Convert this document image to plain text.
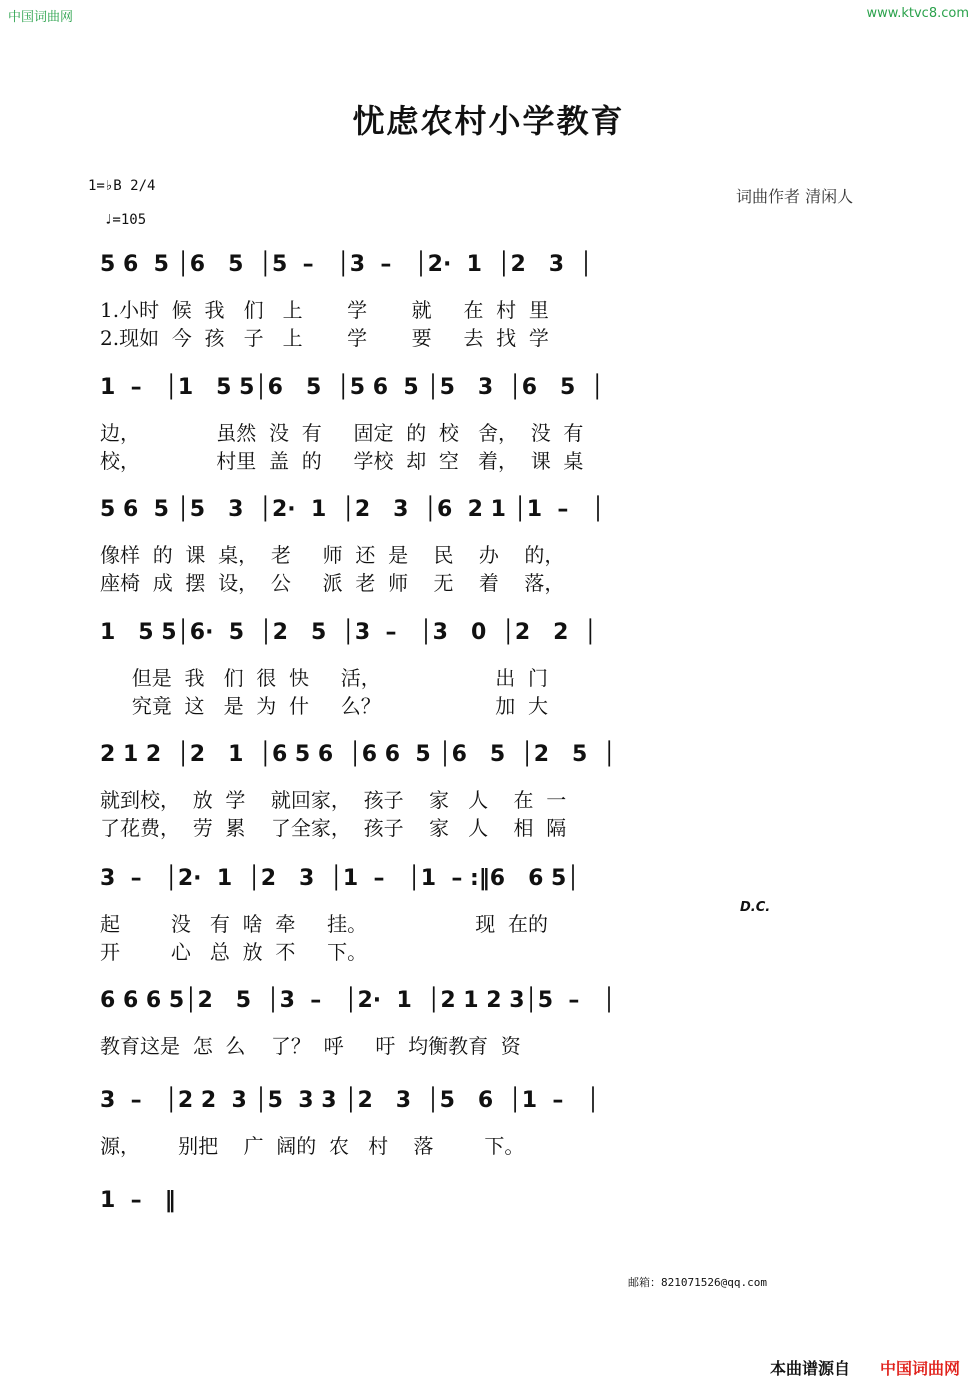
中国词曲网	www.ktvc8.com
忧虑农村小学教育
1=♭B 2/4
♩=105
词曲作者 清闲人
5 6  5 │6   5  │5  –   │3  –   │2·  1  │2   3  │
1.小时  候  我   们   上       学       就     在  村  里
2.现如  今  孩   子   上       学       要     去  找  学
1  –   │1   5 5│6   5  │5 6  5 │5   3  │6   5  │
边，            虽然  没  有     固定  的  校   舍，  没  有
校，            村里  盖  的     学校  却  空   着，  课  桌
5 6  5 │5   3  │2·  1  │2   3  │6  2 1 │1  –   │
像样  的  课  桌，  老     师  还  是    民    办    的，
座椅  成  摆  设，  公     派  老  师    无    着    落，
1   5 5│6·  5  │2   5  │3  –   │3   0  │2   2  │
但是  我   们  很  快     活，                  出  门
究竟  这   是  为  什     么？                  加  大
2 1 2  │2   1  │6 5 6  │6 6  5 │6   5  │2   5  │
就到校，  放  学    就回家，  孩子    家   人    在  一
了花费，  劳  累    了全家，  孩子    家   人    相  隔
3  –   │2·  1  │2   3  │1  –   │1  – :‖6   6 5│
起        没   有  啥  牵     挂。                 现  在的
开        心   总  放  不     下。
D.C.
6 6 6 5│2   5  │3  –   │2·  1  │2 1 2 3│5  –   │
教育这是  怎  么    了？  呼     吁  均衡教育  资
3  –   │2 2  3 │5  3 3 │2   3  │5   6  │1  –   │
源，      别把    广  阔的  农   村    落        下。
1  –   ‖
邮箱：821071526@qq.com
本曲谱源自 中国词曲网
